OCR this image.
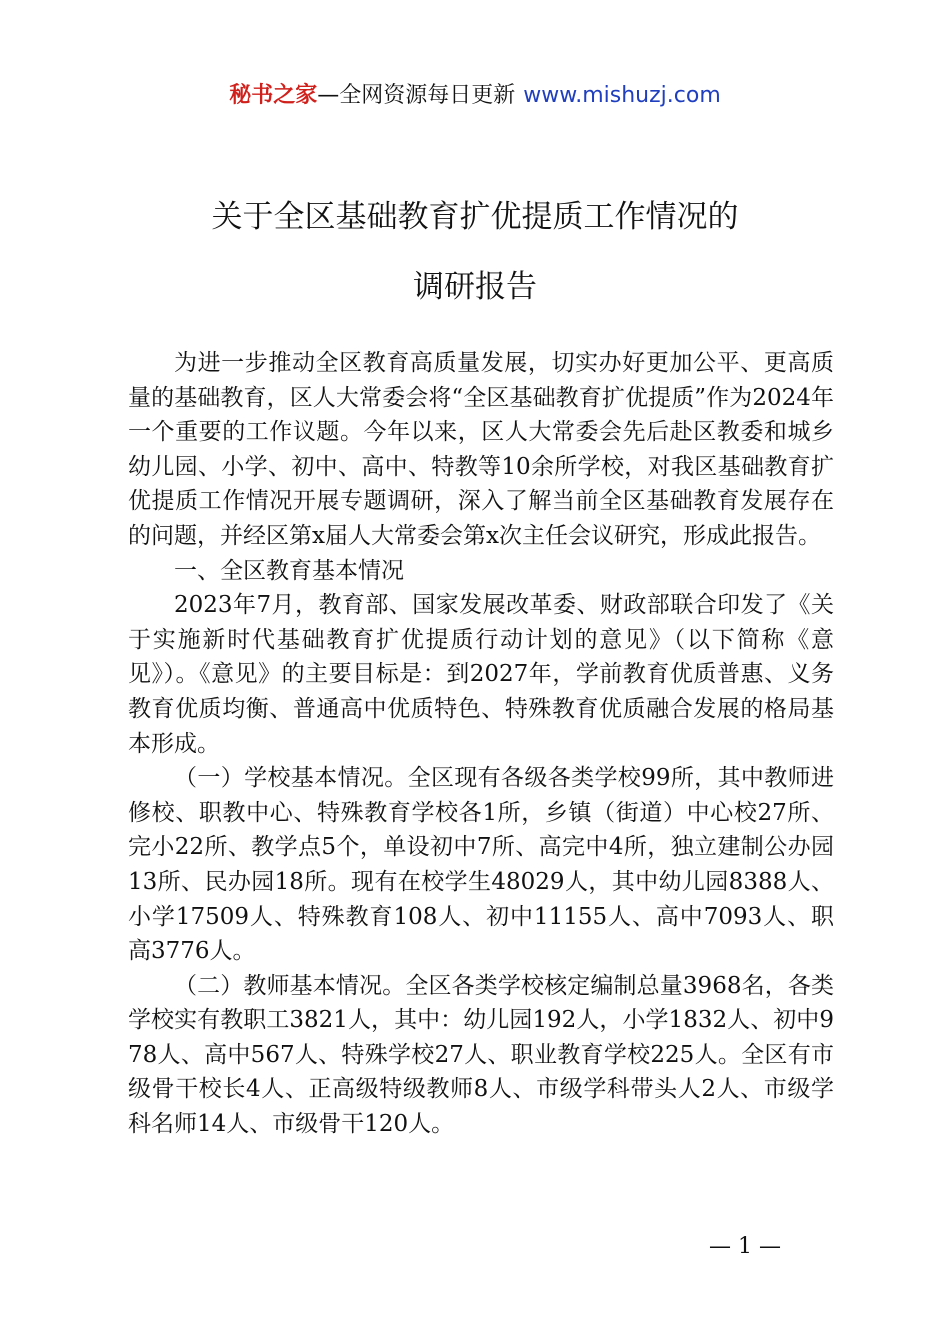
秘书之家—全网资源每日更新 www.mishuzj.com
关于全区基础教育扩优提质工作情况的
调研报告

为进一步推动全区教育高质量发展，切实办好更加公平、更高质量的基础教育，区人大常委会将“全区基础教育扩优提质”作为2024年一个重要的工作议题。今年以来，区人大常委会先后赴区教委和城乡幼儿园、小学、初中、高中、特教等10余所学校，对我区基础教育扩优提质工作情况开展专题调研，深入了解当前全区基础教育发展存在的问题，并经区第x届人大常委会第x次主任会议研究，形成此报告。

一、全区教育基本情况

2023年7月，教育部、国家发展改革委、财政部联合印发了《关于实施新时代基础教育扩优提质行动计划的意见》（以下简称《意见》）。《意见》的主要目标是：到2027年，学前教育优质普惠、义务教育优质均衡、普通高中优质特色、特殊教育优质融合发展的格局基本形成。

（一）学校基本情况。全区现有各级各类学校99所，其中教师进修校、职教中心、特殊教育学校各1所，乡镇（街道）中心校27所、完小22所、教学点5个，单设初中7所、高完中4所，独立建制公办园13所、民办园18所。现有在校学生48029人，其中幼儿园8388人、小学17509人、特殊教育108人、初中11155人、高中7093人、职高3776人。

（二）教师基本情况。全区各类学校核定编制总量3968名，各类学校实有教职工3821人，其中：幼儿园192人，小学1832人、初中978人、高中567人、特殊学校27人、职业教育学校225人。全区有市级骨干校长4人、正高级特级教师8人、市级学科带头人2人、市级学科名师14人、市级骨干120人。

— 1 —
